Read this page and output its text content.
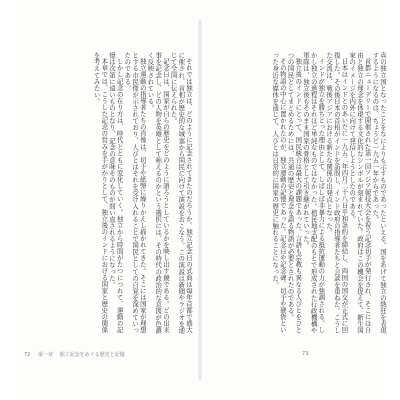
真の独立国となったことをなによりも示すものであったといえる。国をあげて独立の熱狂を表現するようになるのは、ちょうど一九五一年からであった。

首都ニューデリーで開催された第一回アジア競技大会を祝う記念切手が発行され、そこには自由と独立の理念を体現する文化的なシンボルが刻まれていた。政府はこの機会を捉えて、新生国家のイメージを内外に向けて発信しようとしたのである。

日本はインドとのあいだに一九五二年四月二十八日平和条約を締結し、両国の国交が正式に回復した。その後日本の首相がインドを訪問し、インド政府の指導者たちと会談を重ねた。こうした交流は、戦後アジアにおける新たな関係の出発点となった。

インドが独立を勝ちとった理由として、しばしば非暴力による抵抗運動の力が強調される。しかし独立の過程はそれほど単純なものではなかった。植民地支配のもとで形成された行政機構や軍隊は、独立後もそのまま国家の骨格として引き継がれていった。

独立後のインドにとって、国民統合は最大の課題であった。言語も宗教も異なる人びとをひとつの国民としてまとめるためには、共通の歴史と理念を語る物語が必要とされたのである。

その物語の中心に置かれたのが、独立運動の記憶であった。記念日や記念碑、切手や硬貨といった身近な媒体を通じて、人びとは日常的に国家の歴史に触れることになった。

それでは独立は、どのように記念されてきたのだろうか。独立記念日の式典は毎年首都で盛大に催され、首相が歴史的な城塞から国民に向けて演説をおこなう。この演説は新聞やラジオを通じて全国に伝えられた。

記念日は、国家が自らの歴史をどのように語ろうとしているかを映し出す鏡である。どの出来事を記念し、どの人物を英雄として称えるのかという選択には、その時代の政治的な意図が色濃く反映されている。

独立運動の指導者たちの肖像は、切手や紙幣に繰りかえし描かれてきた。そこには国家が理想とする市民像が示されており、人びとはそれを受け入れることで国民としての自覚を深めていったのである。

しかし記念の在り方は、時代とともに変化していく。独立から時間がたつにつれて、運動の記憶は次第に遠いものとなり、記念の意味そのものが問い直されるようになった。

本章では、こうした記念の営みを手がかりとして、独立後のインドにおける国家と歴史の関係を考えてみたい。

72 第一章 独立記念をめぐる歴史と記憶	73
